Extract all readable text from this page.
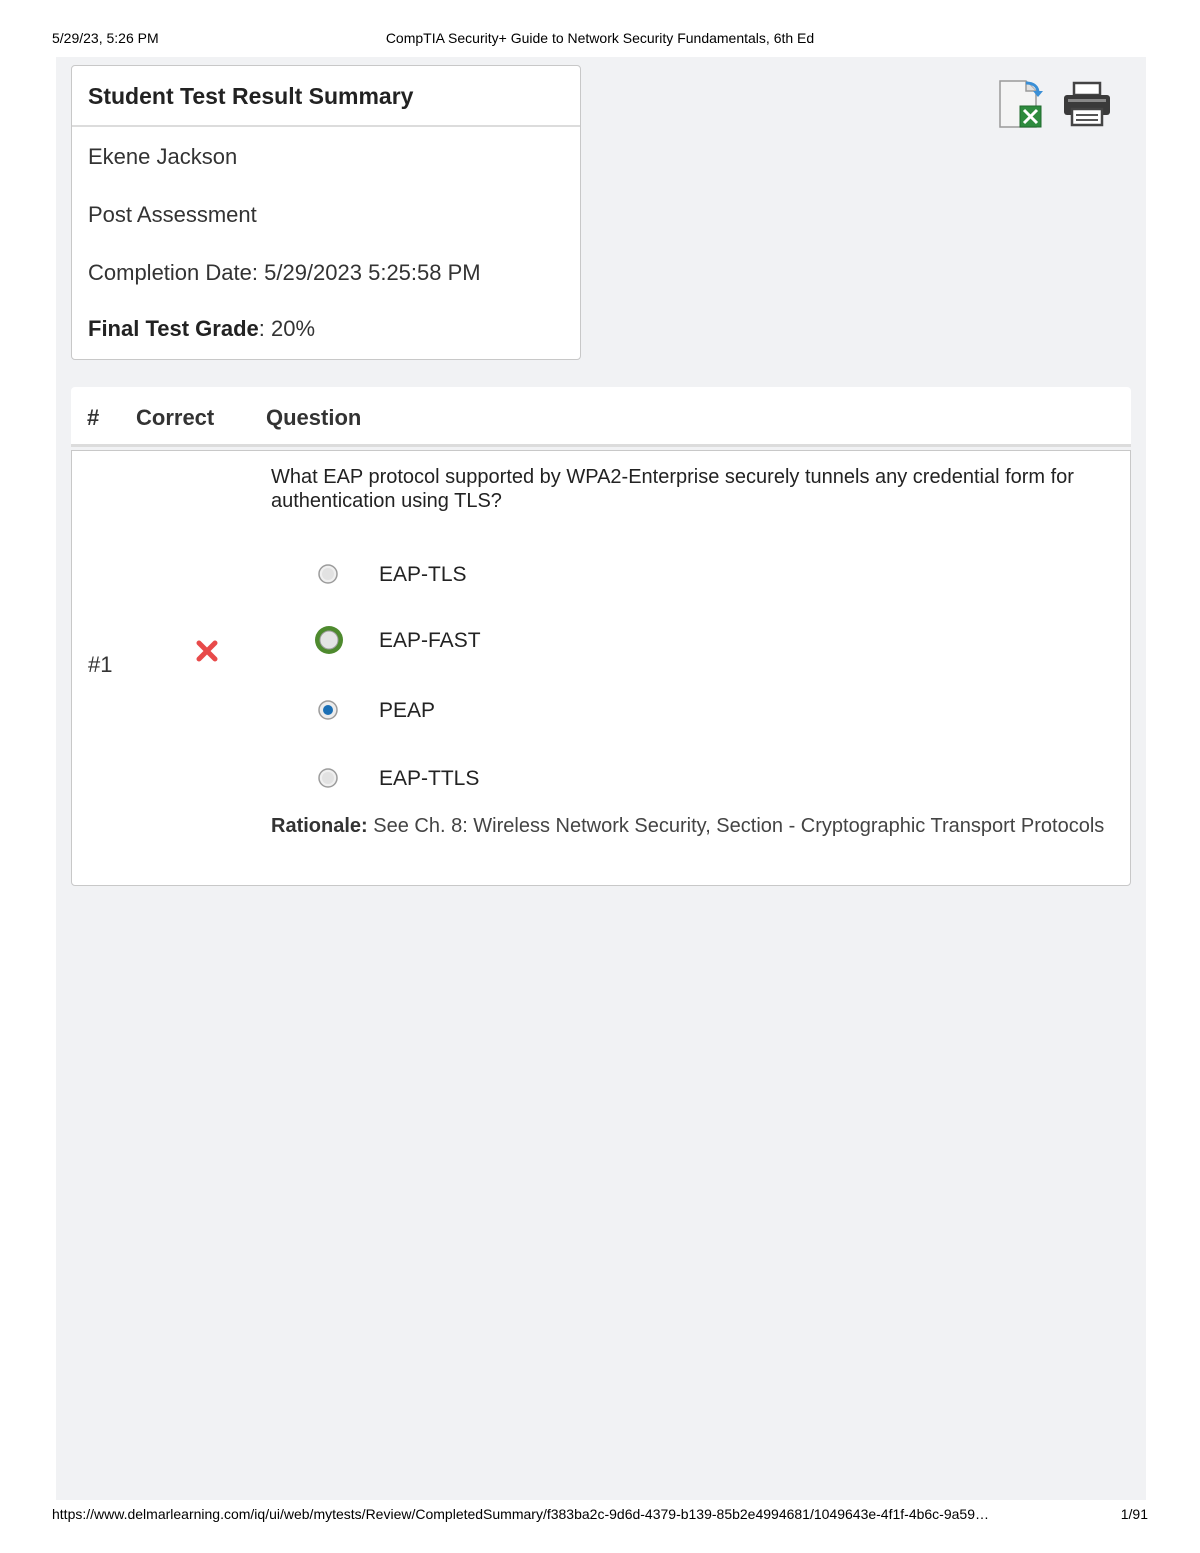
5/29/23, 5:26 PM	CompTIA Security+ Guide to Network Security Fundamentals, 6th Ed
Student Test Result Summary
Ekene Jackson
Post Assessment
Completion Date: 5/29/2023 5:25:58 PM
Final Test Grade: 20%
# Correct Question
#1
What EAP protocol supported by WPA2-Enterprise securely tunnels any credential form for authentication using TLS?
EAP-TLS
EAP-FAST
PEAP
EAP-TTLS
Rationale: See Ch. 8: Wireless Network Security, Section - Cryptographic Transport Protocols
https://www.delmarlearning.com/iq/ui/web/mytests/Review/CompletedSummary/f383ba2c-9d6d-4379-b139-85b2e4994681/1049643e-4f1f-4b6c-9a59…	1/91
